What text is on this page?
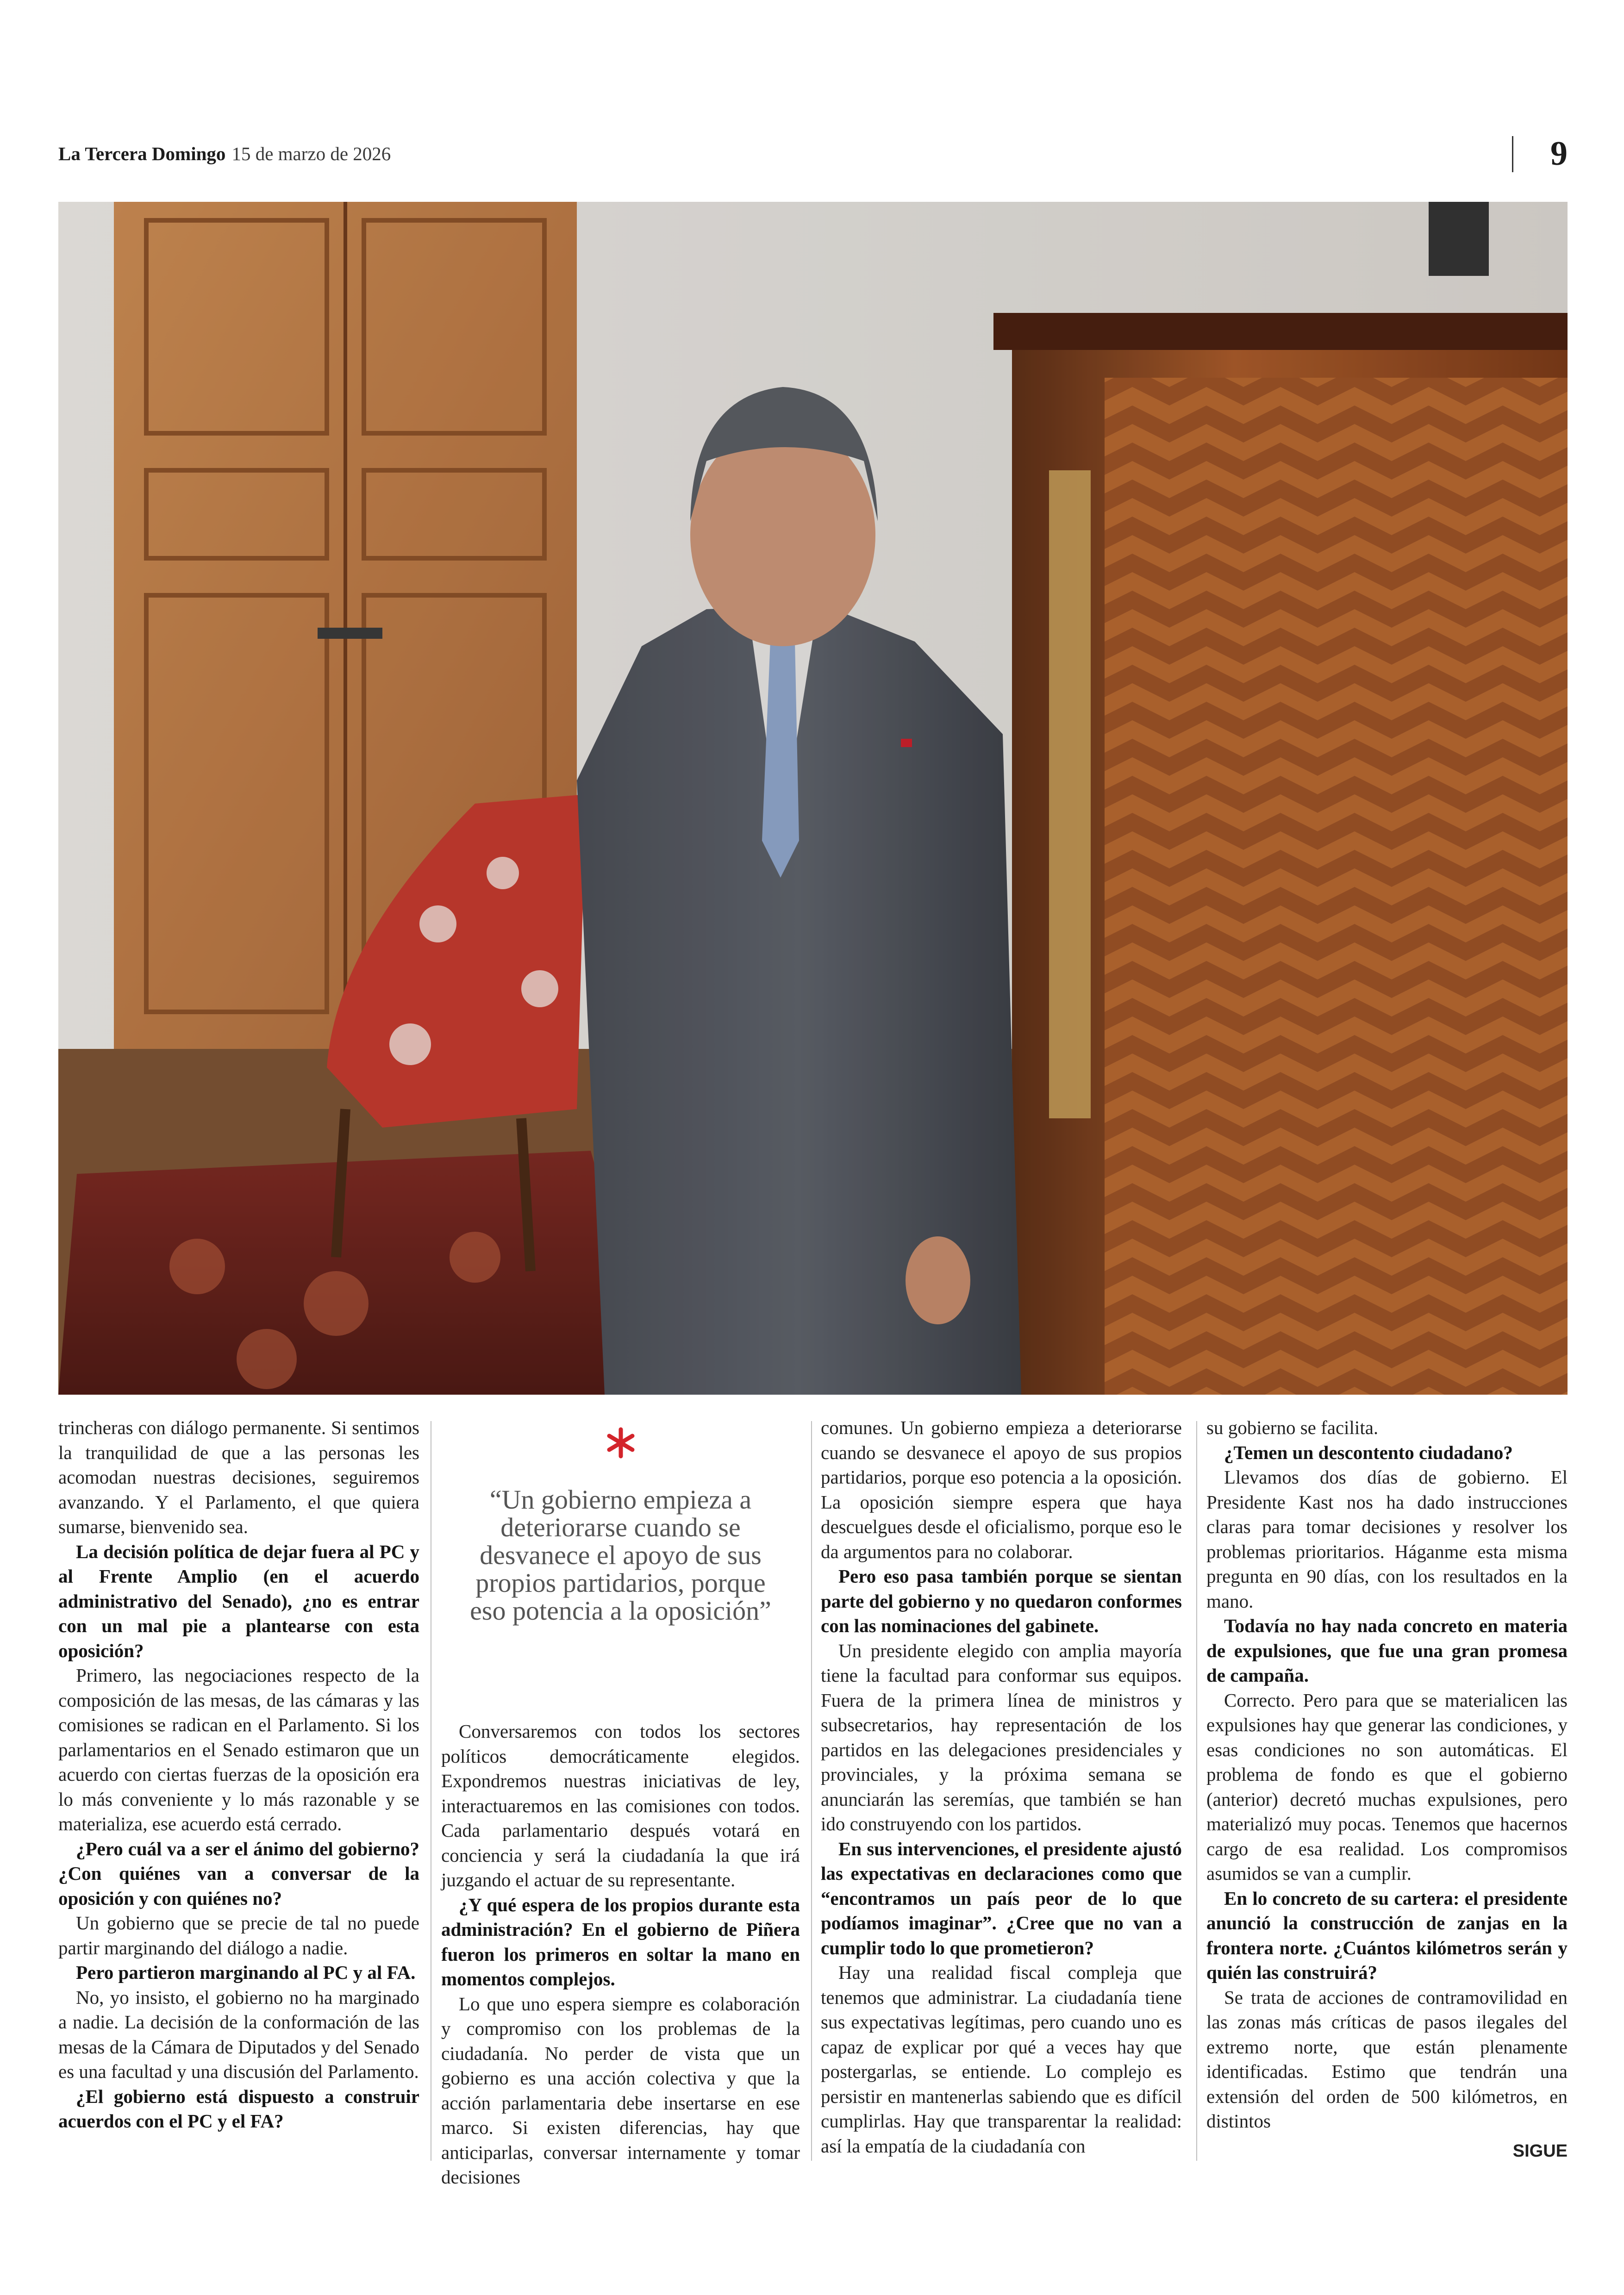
La Tercera Domingo 15 de marzo de 2026	9

trincheras con diálogo permanente. Si sentimos la tranquilidad de que a las personas les acomodan nuestras decisiones, seguiremos avanzando. Y el Parlamento, el que quiera sumarse, bienvenido sea.

La decisión política de dejar fuera al PC y al Frente Amplio (en el acuerdo administrativo del Senado), ¿no es entrar con un mal pie a plantearse con esta oposición?

Primero, las negociaciones respecto de la composición de las mesas, de las cámaras y las comisiones se radican en el Parlamento. Si los parlamentarios en el Senado estimaron que un acuerdo con ciertas fuerzas de la oposición era lo más conveniente y lo más razonable y se materializa, ese acuerdo está cerrado.

¿Pero cuál va a ser el ánimo del gobierno? ¿Con quiénes van a conversar de la oposición y con quiénes no?

Un gobierno que se precie de tal no puede partir marginando del diálogo a nadie.

Pero partieron marginando al PC y al FA.

No, yo insisto, el gobierno no ha marginado a nadie. La decisión de la conformación de las mesas de la Cámara de Diputados y del Senado es una facultad y una discusión del Parlamento.

¿El gobierno está dispuesto a construir acuerdos con el PC y el FA?

“Un gobierno empieza a deteriorarse cuando se desvanece el apoyo de sus propios partidarios, porque eso potencia a la oposición”

Conversaremos con todos los sectores políticos democráticamente elegidos. Expondremos nuestras iniciativas de ley, interactuaremos en las comisiones con todos. Cada parlamentario después votará en conciencia y será la ciudadanía la que irá juzgando el actuar de su representante.

¿Y qué espera de los propios durante esta administración? En el gobierno de Piñera fueron los primeros en soltar la mano en momentos complejos.

Lo que uno espera siempre es colaboración y compromiso con los problemas de la ciudadanía. No perder de vista que un gobierno es una acción colectiva y que la acción parlamentaria debe insertarse en ese marco. Si existen diferencias, hay que anticiparlas, conversar internamente y tomar decisiones

comunes. Un gobierno empieza a deteriorarse cuando se desvanece el apoyo de sus propios partidarios, porque eso potencia a la oposición. La oposición siempre espera que haya descuelgues desde el oficialismo, porque eso le da argumentos para no colaborar.

Pero eso pasa también porque se sientan parte del gobierno y no quedaron conformes con las nominaciones del gabinete.

Un presidente elegido con amplia mayoría tiene la facultad para conformar sus equipos. Fuera de la primera línea de ministros y subsecretarios, hay representación de los partidos en las delegaciones presidenciales y provinciales, y la próxima semana se anunciarán las seremías, que también se han ido construyendo con los partidos.

En sus intervenciones, el presidente ajustó las expectativas en declaraciones como que “encontramos un país peor de lo que podíamos imaginar”. ¿Cree que no van a cumplir todo lo que prometieron?

Hay una realidad fiscal compleja que tenemos que administrar. La ciudadanía tiene sus expectativas legítimas, pero cuando uno es capaz de explicar por qué a veces hay que postergarlas, se entiende. Lo complejo es persistir en mantenerlas sabiendo que es difícil cumplirlas. Hay que transparentar la realidad: así la empatía de la ciudadanía con

su gobierno se facilita.

¿Temen un descontento ciudadano?

Llevamos dos días de gobierno. El Presidente Kast nos ha dado instrucciones claras para tomar decisiones y resolver los problemas prioritarios. Háganme esta misma pregunta en 90 días, con los resultados en la mano.

Todavía no hay nada concreto en materia de expulsiones, que fue una gran promesa de campaña.

Correcto. Pero para que se materialicen las expulsiones hay que generar las condiciones, y esas condiciones no son automáticas. El problema de fondo es que el gobierno (anterior) decretó muchas expulsiones, pero materializó muy pocas. Tenemos que hacernos cargo de esa realidad. Los compromisos asumidos se van a cumplir.

En lo concreto de su cartera: el presidente anunció la construcción de zanjas en la frontera norte. ¿Cuántos kilómetros serán y quién las construirá?

Se trata de acciones de contramovilidad en las zonas más críticas de pasos ilegales del extremo norte, que están plenamente identificadas. Estimo que tendrán una extensión del orden de 500 kilómetros, en distintos

SIGUE
